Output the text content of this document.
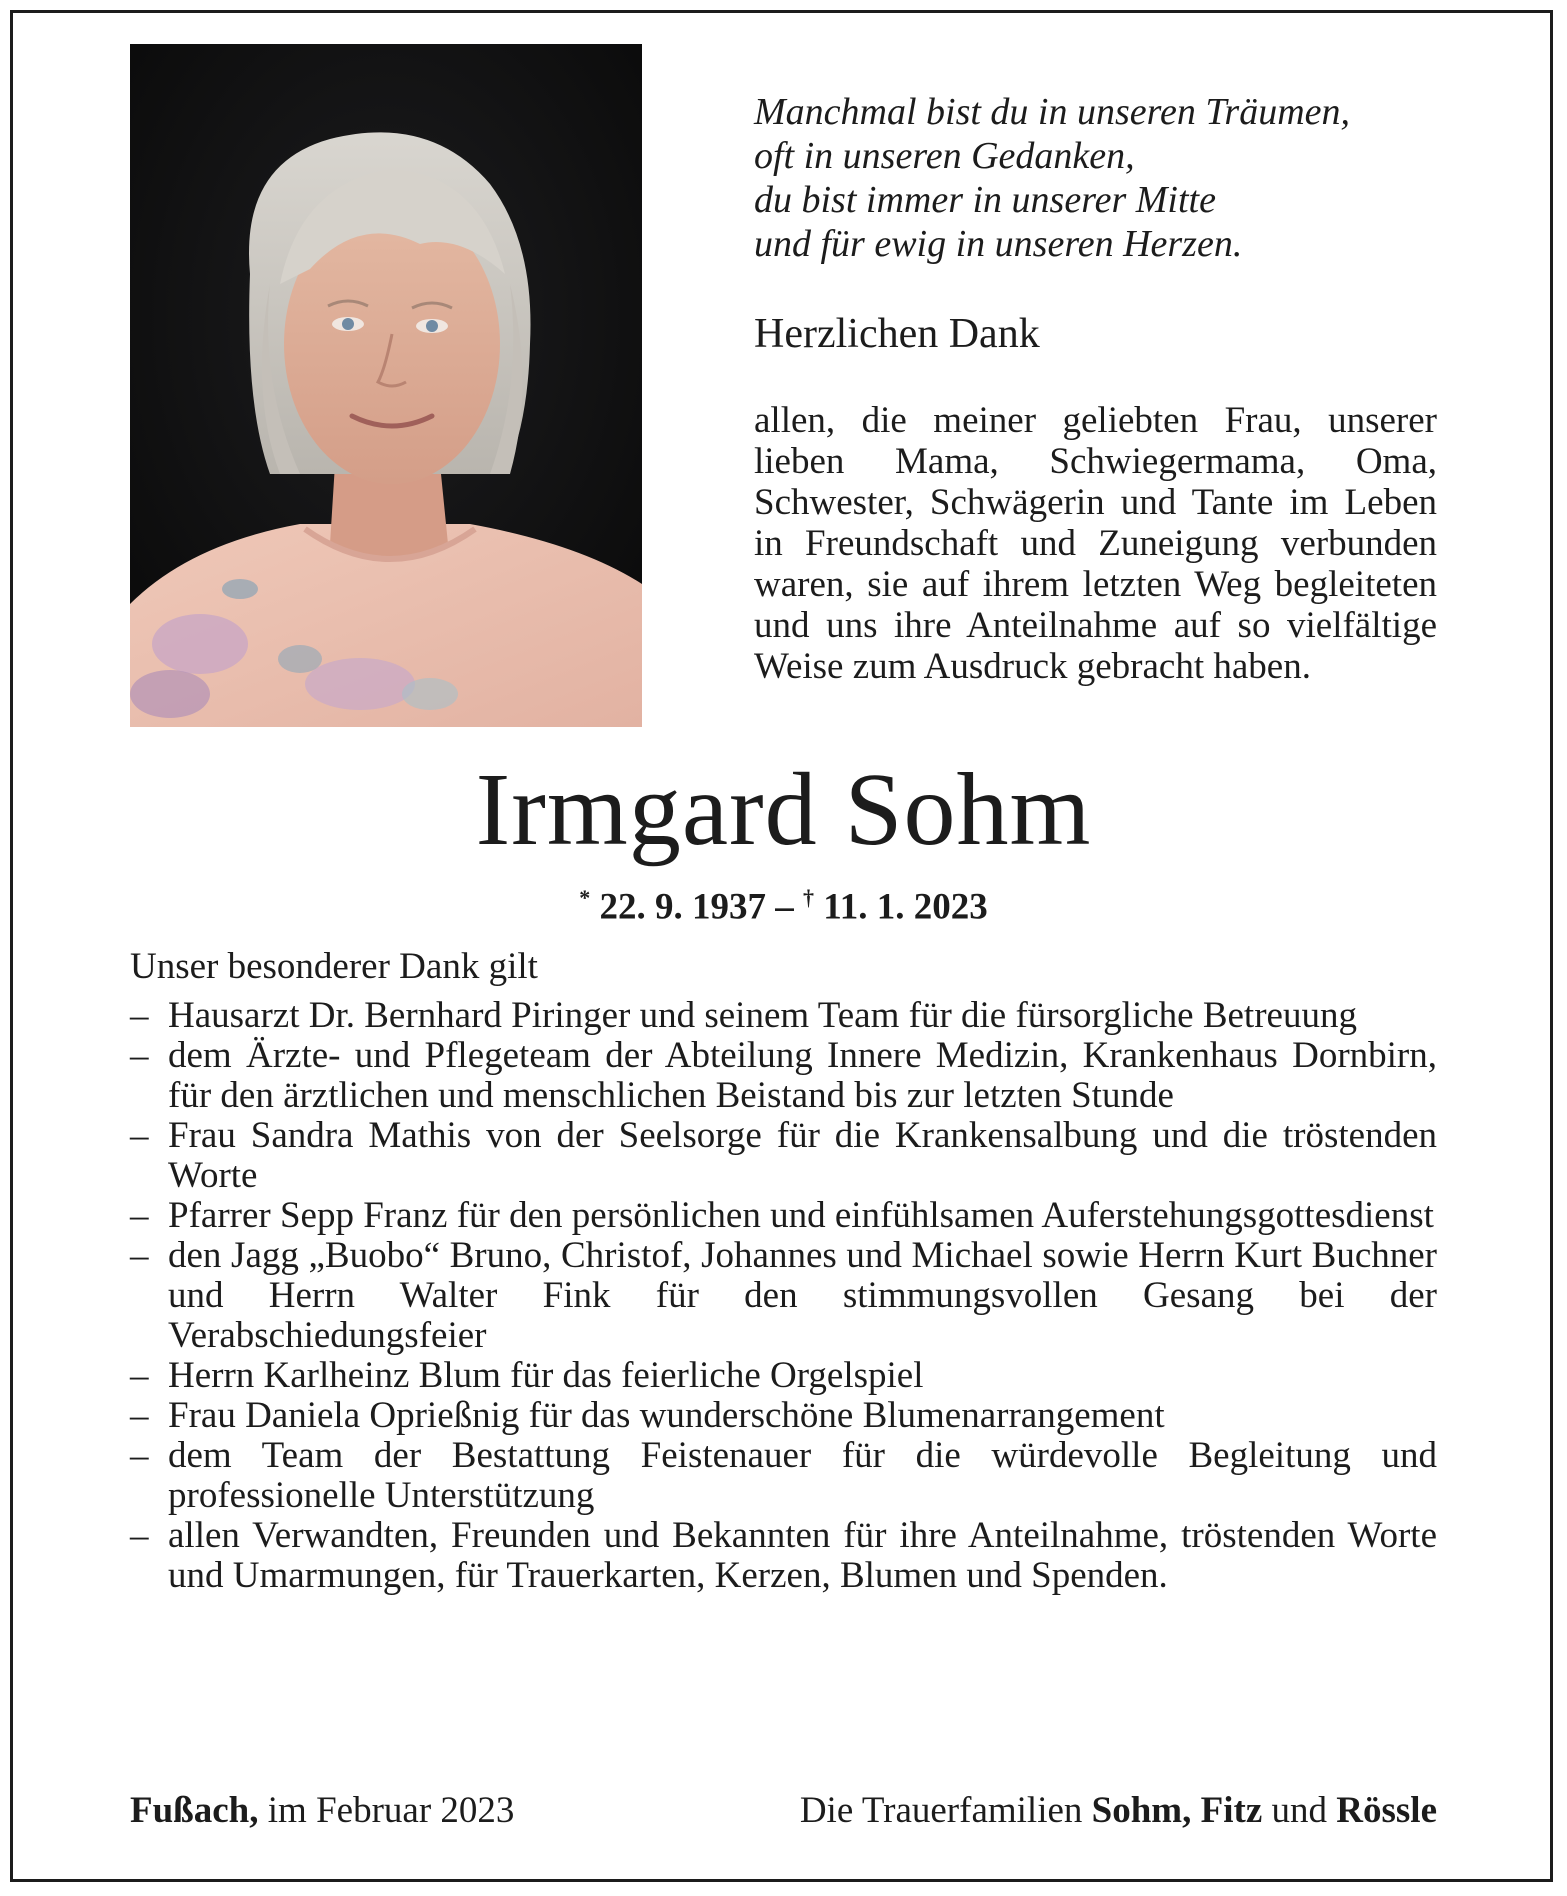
Manchmal bist du in unseren Träumen,
oft in unseren Gedanken,
du bist immer in unserer Mitte
und für ewig in unseren Herzen.
Herzlichen Dank
allen, die meiner geliebten Frau, unserer lieben Mama, Schwiegermama, Oma, Schwester, Schwägerin und Tante im Leben in Freundschaft und Zuneigung verbunden waren, sie auf ihrem letzten Weg begleiteten und uns ihre Anteilnahme auf so vielfältige Weise zum Ausdruck gebracht haben.
Irmgard Sohm
* 22. 9. 1937 – † 11. 1. 2023
Unser besonderer Dank gilt
– Hausarzt Dr. Bernhard Piringer und seinem Team für die fürsorgliche Betreuung
– dem Ärzte- und Pflegeteam der Abteilung Innere Medizin, Krankenhaus Dornbirn, für den ärztlichen und menschlichen Beistand bis zur letzten Stunde
– Frau Sandra Mathis von der Seelsorge für die Krankensalbung und die tröstenden Worte
– Pfarrer Sepp Franz für den persönlichen und einfühlsamen Auferstehungsgottesdienst
– den Jagg „Buobo“ Bruno, Christof, Johannes und Michael sowie Herrn Kurt Buchner und Herrn Walter Fink für den stimmungsvollen Gesang bei der Verabschiedungsfeier
– Herrn Karlheinz Blum für das feierliche Orgelspiel
– Frau Daniela Oprießnig für das wunderschöne Blumenarrangement
– dem Team der Bestattung Feistenauer für die würdevolle Begleitung und professionelle Unterstützung
– allen Verwandten, Freunden und Bekannten für ihre Anteilnahme, tröstenden Worte und Umarmungen, für Trauerkarten, Kerzen, Blumen und Spenden.
Fußach, im Februar 2023	Die Trauerfamilien Sohm, Fitz und Rössle
